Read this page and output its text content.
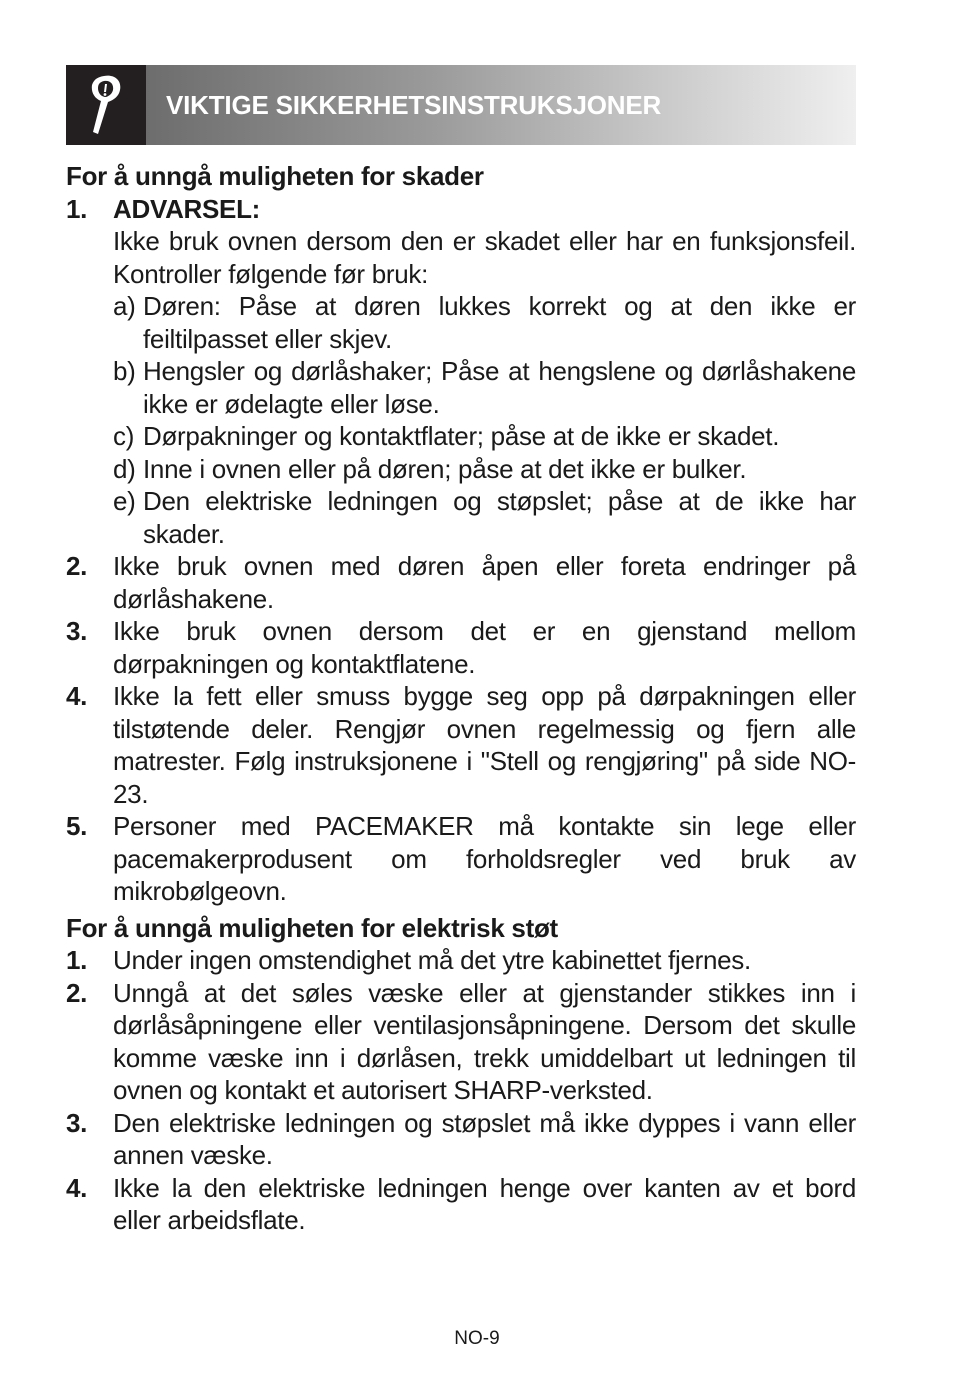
VIKTIGE SIKKERHETSINSTRUKSJONER

For å unngå muligheten for skader

1. ADVARSEL:
Ikke bruk ovnen dersom den er skadet eller har en funksjonsfeil. Kontroller følgende før bruk:
a) Døren: Påse at døren lukkes korrekt og at den ikke er feiltilpasset eller skjev.
b) Hengsler og dørlåshaker; Påse at hengslene og dørlåshakene ikke er ødelagte eller løse.
c) Dørpakninger og kontaktflater; påse at de ikke er skadet.
d) Inne i ovnen eller på døren; påse at det ikke er bulker.
e) Den elektriske ledningen og støpslet; påse at de ikke har skader.
2. Ikke bruk ovnen med døren åpen eller foreta endringer på dørlåshakene.
3. Ikke bruk ovnen dersom det er en gjenstand mellom dørpakningen og kontaktflatene.
4. Ikke la fett eller smuss bygge seg opp på dørpakningen eller tilstøtende deler. Rengjør ovnen regelmessig og fjern alle matrester. Følg instruksjonene i "Stell og rengjøring" på side NO-23.
5. Personer med PACEMAKER må kontakte sin lege eller pacemakerprodusent om forholdsregler ved bruk av mikrobølgeovn.

For å unngå muligheten for elektrisk støt

1. Under ingen omstendighet må det ytre kabinettet fjernes.
2. Unngå at det søles væske eller at gjenstander stikkes inn i dørlåsåpningene eller ventilasjonsåpningene. Dersom det skulle komme væske inn i dørlåsen, trekk umiddelbart ut ledningen til ovnen og kontakt et autorisert SHARP-verksted.
3. Den elektriske ledningen og støpslet må ikke dyppes i vann eller annen væske.
4. Ikke la den elektriske ledningen henge over kanten av et bord eller arbeidsflate.
NO-9
